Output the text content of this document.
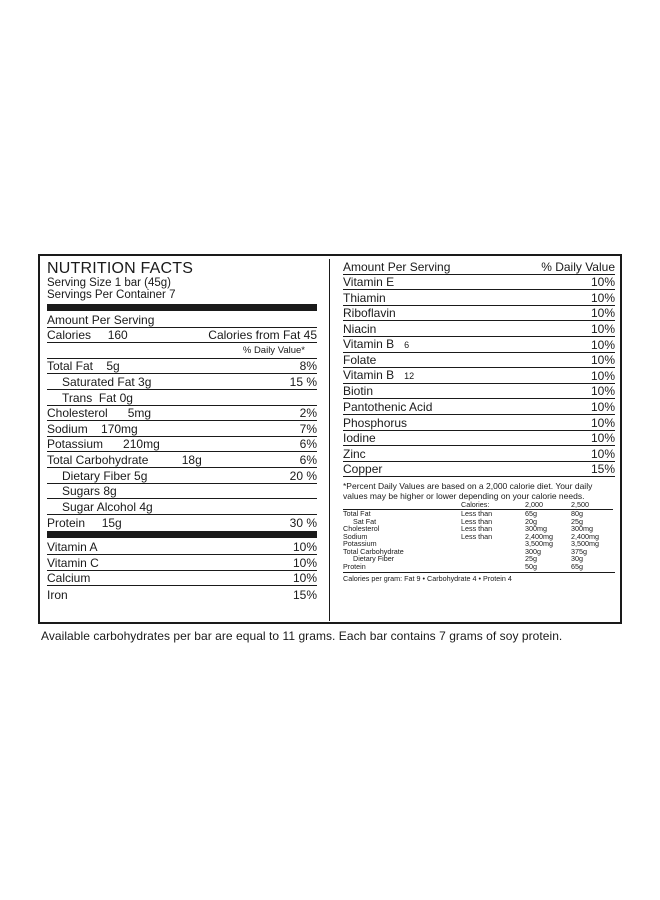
NUTRITION FACTS
Serving Size 1 bar (45g)
Servings Per Container 7
Amount Per Serving
Calories 160	Calories from Fat 45
% Daily Value*
Total Fat 5g	8%
Saturated Fat 3g	15 %
Trans Fat 0g
Cholesterol 5mg	2%
Sodium 170mg	7%
Potassium 210mg	6%
Total Carbohydrate	18g	6%
Dietary Fiber 5g	20 %
Sugars 8g
Sugar Alcohol 4g
Protein 15g	30 %
Vitamin A	10%
Vitamin C	10%
Calcium	10%
Iron	15%
Amount Per Serving	% Daily Value
Vitamin E	10%
Thiamin	10%
Riboflavin	10%
Niacin	10%
Vitamin B 6	10%
Folate	10%
Vitamin B 12	10%
Biotin	10%
Pantothenic Acid	10%
Phosphorus	10%
Iodine	10%
Zinc	10%
Copper	15%
*Percent Daily Values are based on a 2,000 calorie diet. Your daily values may be higher or lower depending on your calorie needs.
	Calories:	2,000	2,500
Total Fat	Less than	65g	80g
Sat Fat	Less than	20g	25g
Cholesterol	Less than	300mg	300mg
Sodium	Less than	2,400mg	2,400mg
Potassium		3,500mg	3,500mg
Total Carbohydrate		300g	375g
Dietary Fiber		25g	30g
Protein		50g	65g
Calories per gram: Fat 9 • Carbohydrate 4 • Protein 4
Available carbohydrates per bar are equal to 11 grams. Each bar contains 7 grams of soy protein.
